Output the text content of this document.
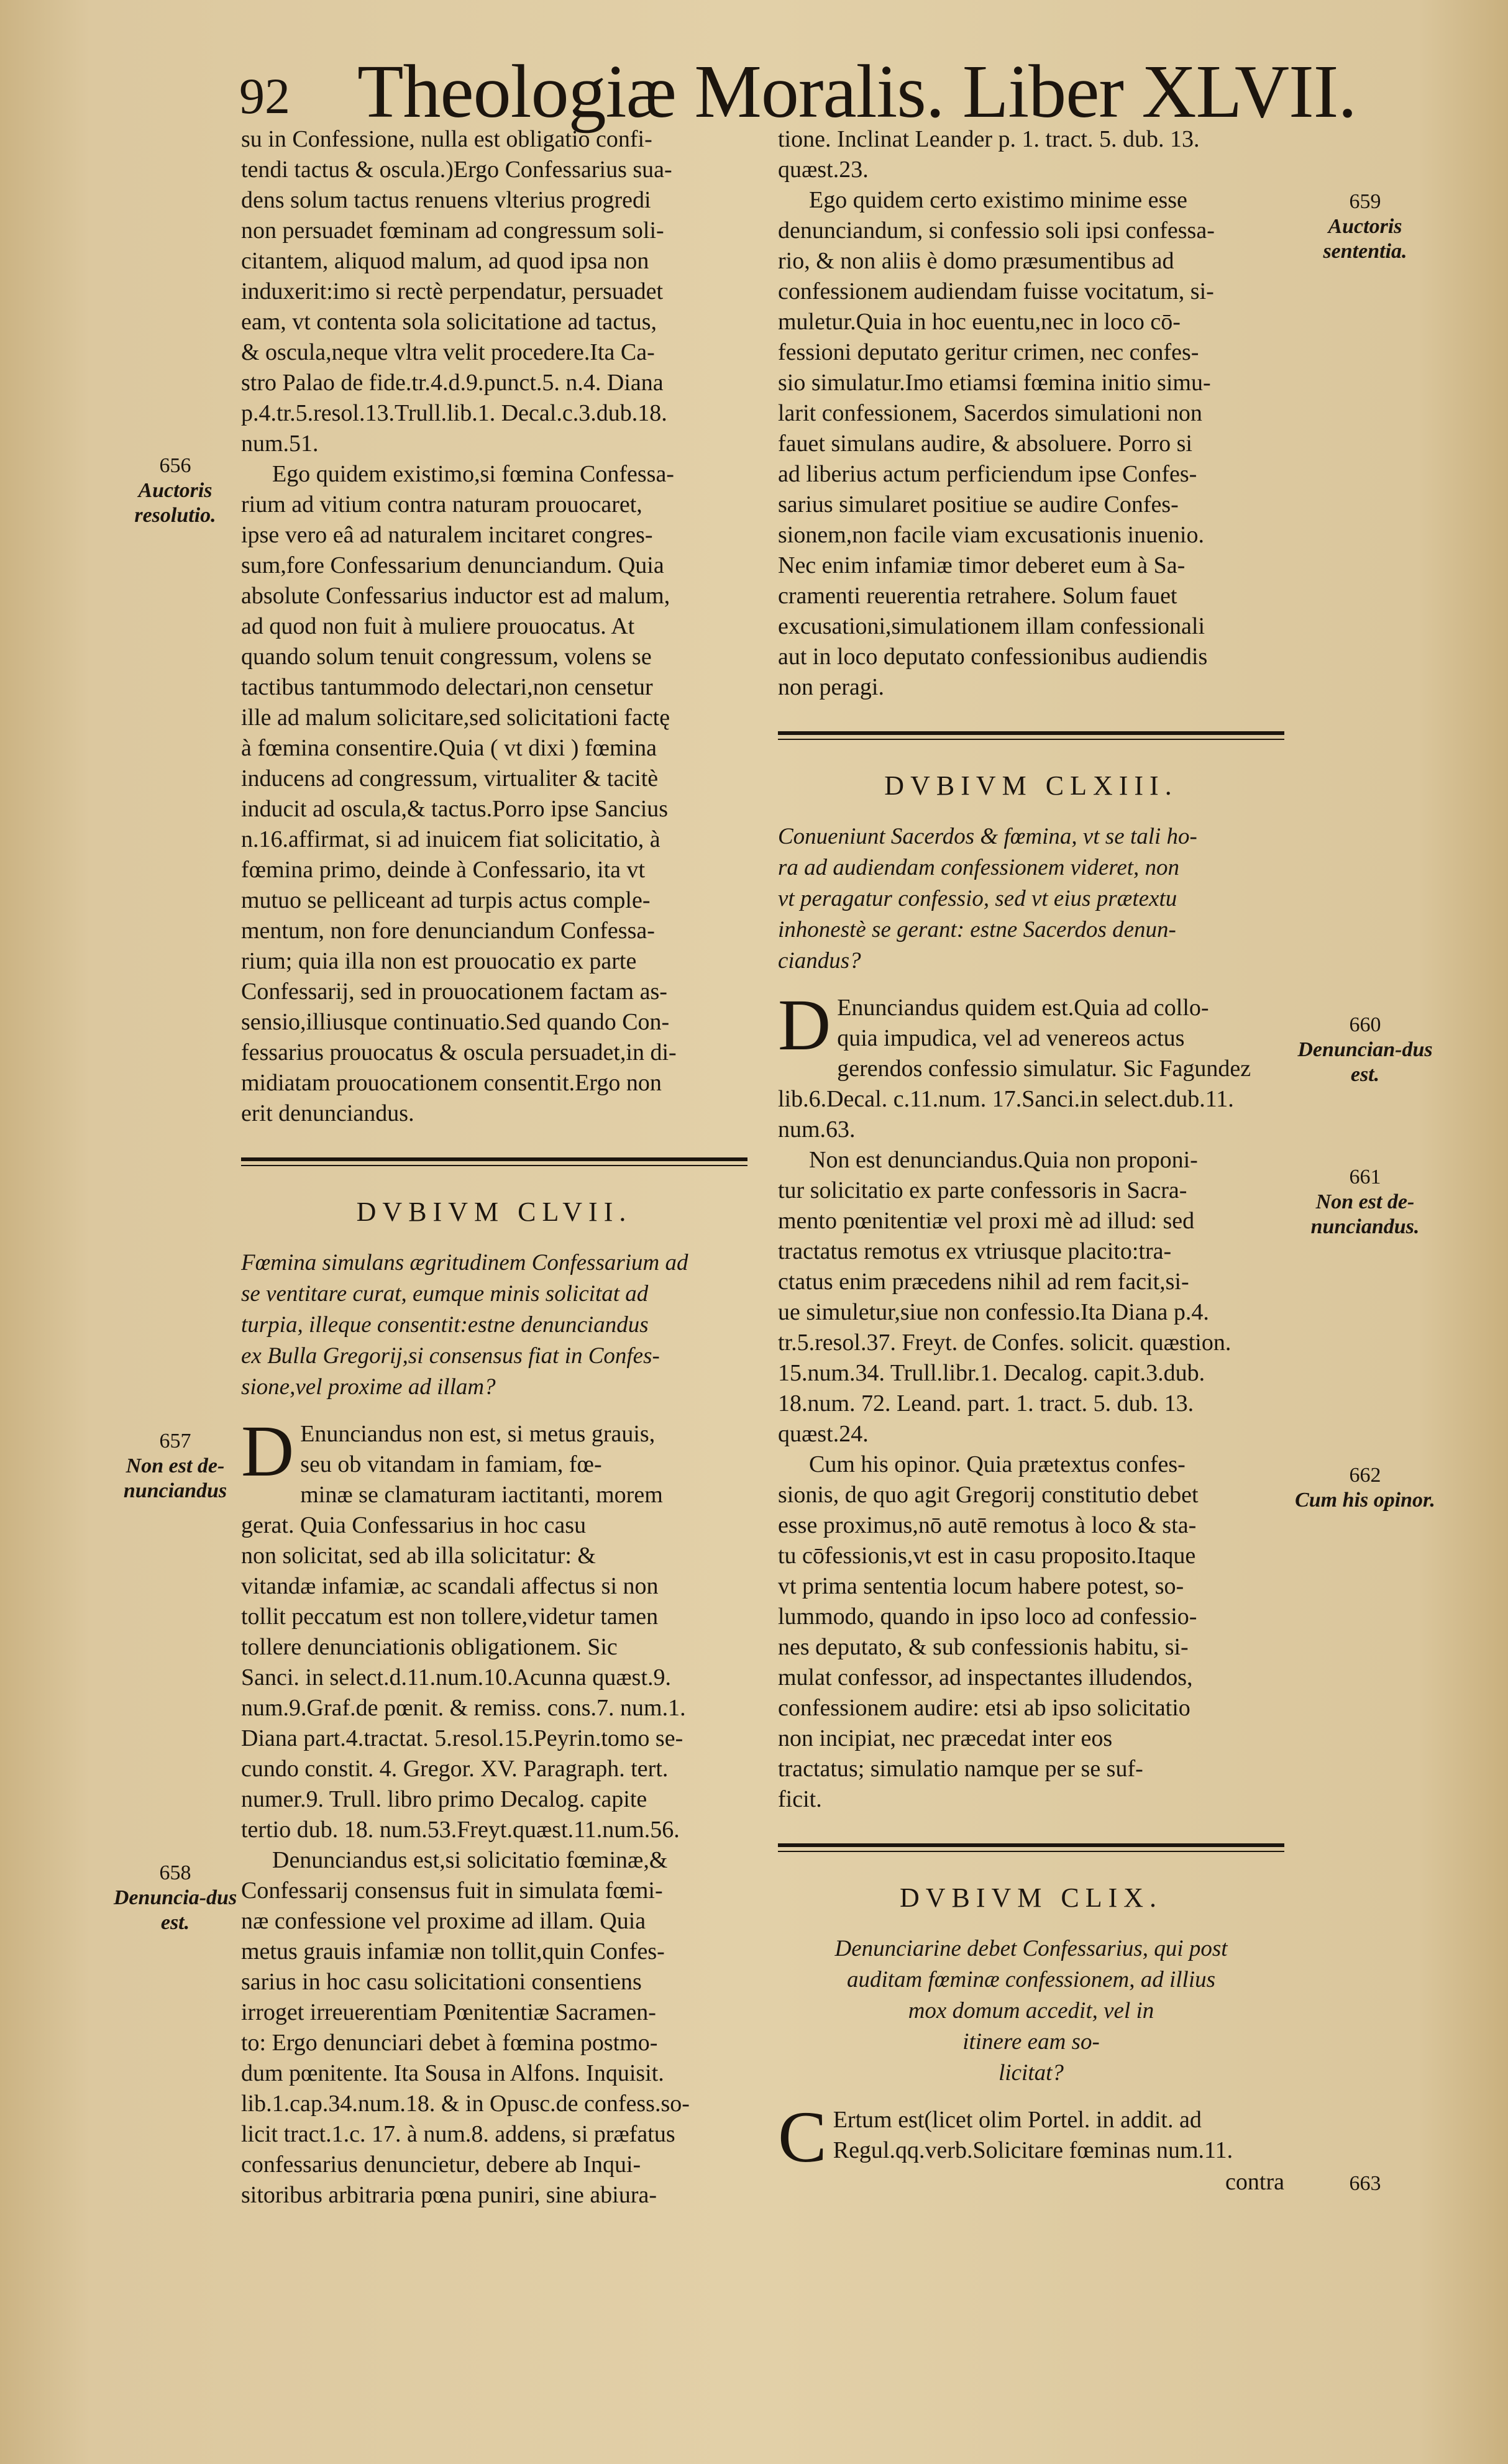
92 Theologiæ Moralis. Liber XLVII.

su in Confessione, nulla est obligatio confi-

tendi tactus & oscula.)Ergo Confessarius sua-

dens solum tactus renuens vlterius progredi

non persuadet fœminam ad congressum soli-

citantem, aliquod malum, ad quod ipsa non

induxerit:imo si rectè perpendatur, persuadet

eam, vt contenta sola solicitatione ad tactus,

& oscula,neque vltra velit procedere.Ita Ca-

stro Palao de fide.tr.4.d.9.punct.5. n.4. Diana

p.4.tr.5.resol.13.Trull.lib.1. Decal.c.3.dub.18.

num.51.

Ego quidem existimo,si fœmina Confessa-

rium ad vitium contra naturam prouocaret,

ipse vero eâ ad naturalem incitaret congres-

sum,fore Confessarium denunciandum. Quia

absolute Confessarius inductor est ad malum,

ad quod non fuit à muliere prouocatus. At

quando solum tenuit congressum, volens se

tactibus tantummodo delectari,non censetur

ille ad malum solicitare,sed solicitationi factę

à fœmina consentire.Quia ( vt dixi ) fœmina

inducens ad congressum, virtualiter & tacitè

inducit ad oscula,& tactus.Porro ipse Sancius

n.16.affirmat, si ad inuicem fiat solicitatio, à

fœmina primo, deinde à Confessario, ita vt

mutuo se pelliceant ad turpis actus comple-

mentum, non fore denunciandum Confessa-

rium; quia illa non est prouocatio ex parte

Confessarij, sed in prouocationem factam as-

sensio,illiusque continuatio.Sed quando Con-

fessarius prouocatus & oscula persuadet,in di-

midiatam prouocationem consentit.Ergo non

erit denunciandus.

DVBIVM CLVII.

Fœmina simulans ægritudinem Confessarium ad

se ventitare curat, eumque minis solicitat ad

turpia, illeque consentit:estne denunciandus

ex Bulla Gregorij,si consensus fiat in Confes-

sione,vel proxime ad illam?

D Enunciandus non est, si metus grauis,

seu ob vitandam in famiam, fœ-

minæ se clamaturam iactitanti, morem

gerat. Quia Confessarius in hoc casu

non solicitat, sed ab illa solicitatur: &

vitandæ infamiæ, ac scandali affectus si non

tollit peccatum est non tollere,videtur tamen

tollere denunciationis obligationem. Sic

Sanci. in select.d.11.num.10.Acunna quæst.9.

num.9.Graf.de pœnit. & remiss. cons.7. num.1.

Diana part.4.tractat. 5.resol.15.Peyrin.tomo se-

cundo constit. 4. Gregor. XV. Paragraph. tert.

numer.9. Trull. libro primo Decalog. capite

tertio dub. 18. num.53.Freyt.quæst.11.num.56.

Denunciandus est,si solicitatio fœminæ,&

Confessarij consensus fuit in simulata fœmi-

næ confessione vel proxime ad illam. Quia

metus grauis infamiæ non tollit,quin Confes-

sarius in hoc casu solicitationi consentiens

irroget irreuerentiam Pœnitentiæ Sacramen-

to: Ergo denunciari debet à fœmina postmo-

dum pœnitente. Ita Sousa in Alfons. Inquisit.

lib.1.cap.34.num.18. & in Opusc.de confess.so-

licit tract.1.c. 17. à num.8. addens, si præfatus

confessarius denuncietur, debere ab Inqui-

sitoribus arbitraria pœna puniri, sine abiura-

tione. Inclinat Leander p. 1. tract. 5. dub. 13.

quæst.23.

Ego quidem certo existimo minime esse

denunciandum, si confessio soli ipsi confessa-

rio, & non aliis è domo præsumentibus ad

confessionem audiendam fuisse vocitatum, si-

muletur.Quia in hoc euentu,nec in loco cō-

fessioni deputato geritur crimen, nec confes-

sio simulatur.Imo etiamsi fœmina initio simu-

larit confessionem, Sacerdos simulationi non

fauet simulans audire, & absoluere. Porro si

ad liberius actum perficiendum ipse Confes-

sarius simularet positiue se audire Confes-

sionem,non facile viam excusationis inuenio.

Nec enim infamiæ timor deberet eum à Sa-

cramenti reuerentia retrahere. Solum fauet

excusationi,simulationem illam confessionali

aut in loco deputato confessionibus audiendis

non peragi.

DVBIVM CLXIII.

Conueniunt Sacerdos & fœmina, vt se tali ho-

ra ad audiendam confessionem videret, non

vt peragatur confessio, sed vt eius prætextu

inhonestè se gerant: estne Sacerdos denun-

ciandus?

D Enunciandus quidem est.Quia ad collo-

quia impudica, vel ad venereos actus

gerendos confessio simulatur. Sic Fagundez

lib.6.Decal. c.11.num. 17.Sanci.in select.dub.11.

num.63.

Non est denunciandus.Quia non proponi-

tur solicitatio ex parte confessoris in Sacra-

mento pœnitentiæ vel proxi mè ad illud: sed

tractatus remotus ex vtriusque placito:tra-

ctatus enim præcedens nihil ad rem facit,si-

ue simuletur,siue non confessio.Ita Diana p.4.

tr.5.resol.37. Freyt. de Confes. solicit. quæstion.

15.num.34. Trull.libr.1. Decalog. capit.3.dub.

18.num. 72. Leand. part. 1. tract. 5. dub. 13.

quæst.24.

Cum his opinor. Quia prætextus confes-

sionis, de quo agit Gregorij constitutio debet

esse proximus,nō autē remotus à loco & sta-

tu cōfessionis,vt est in casu proposito.Itaque

vt prima sententia locum habere potest, so-

lummodo, quando in ipso loco ad confessio-

nes deputato, & sub confessionis habitu, si-

mulat confessor, ad inspectantes illudendos,

confessionem audire: etsi ab ipso solicitatio

non incipiat, nec præcedat inter eos

tractatus; simulatio namque per se suf-

ficit.

DVBIVM CLIX.

Denunciarine debet Confessarius, qui post

auditam fœminæ confessionem, ad illius

mox domum accedit, vel in

itinere eam so-

licitat?

C Ertum est(licet olim Portel. in addit. ad

Regul.qq.verb.Solicitare fœminas num.11.

contra

656
Auctoris resolutio.
657
Non est de-nunciandus
658
Denuncia-dus est.
659
Auctoris sententia.
660
Denuncian-dus est.
661
Non est de-nunciandus.
662
Cum his opinor.
663
